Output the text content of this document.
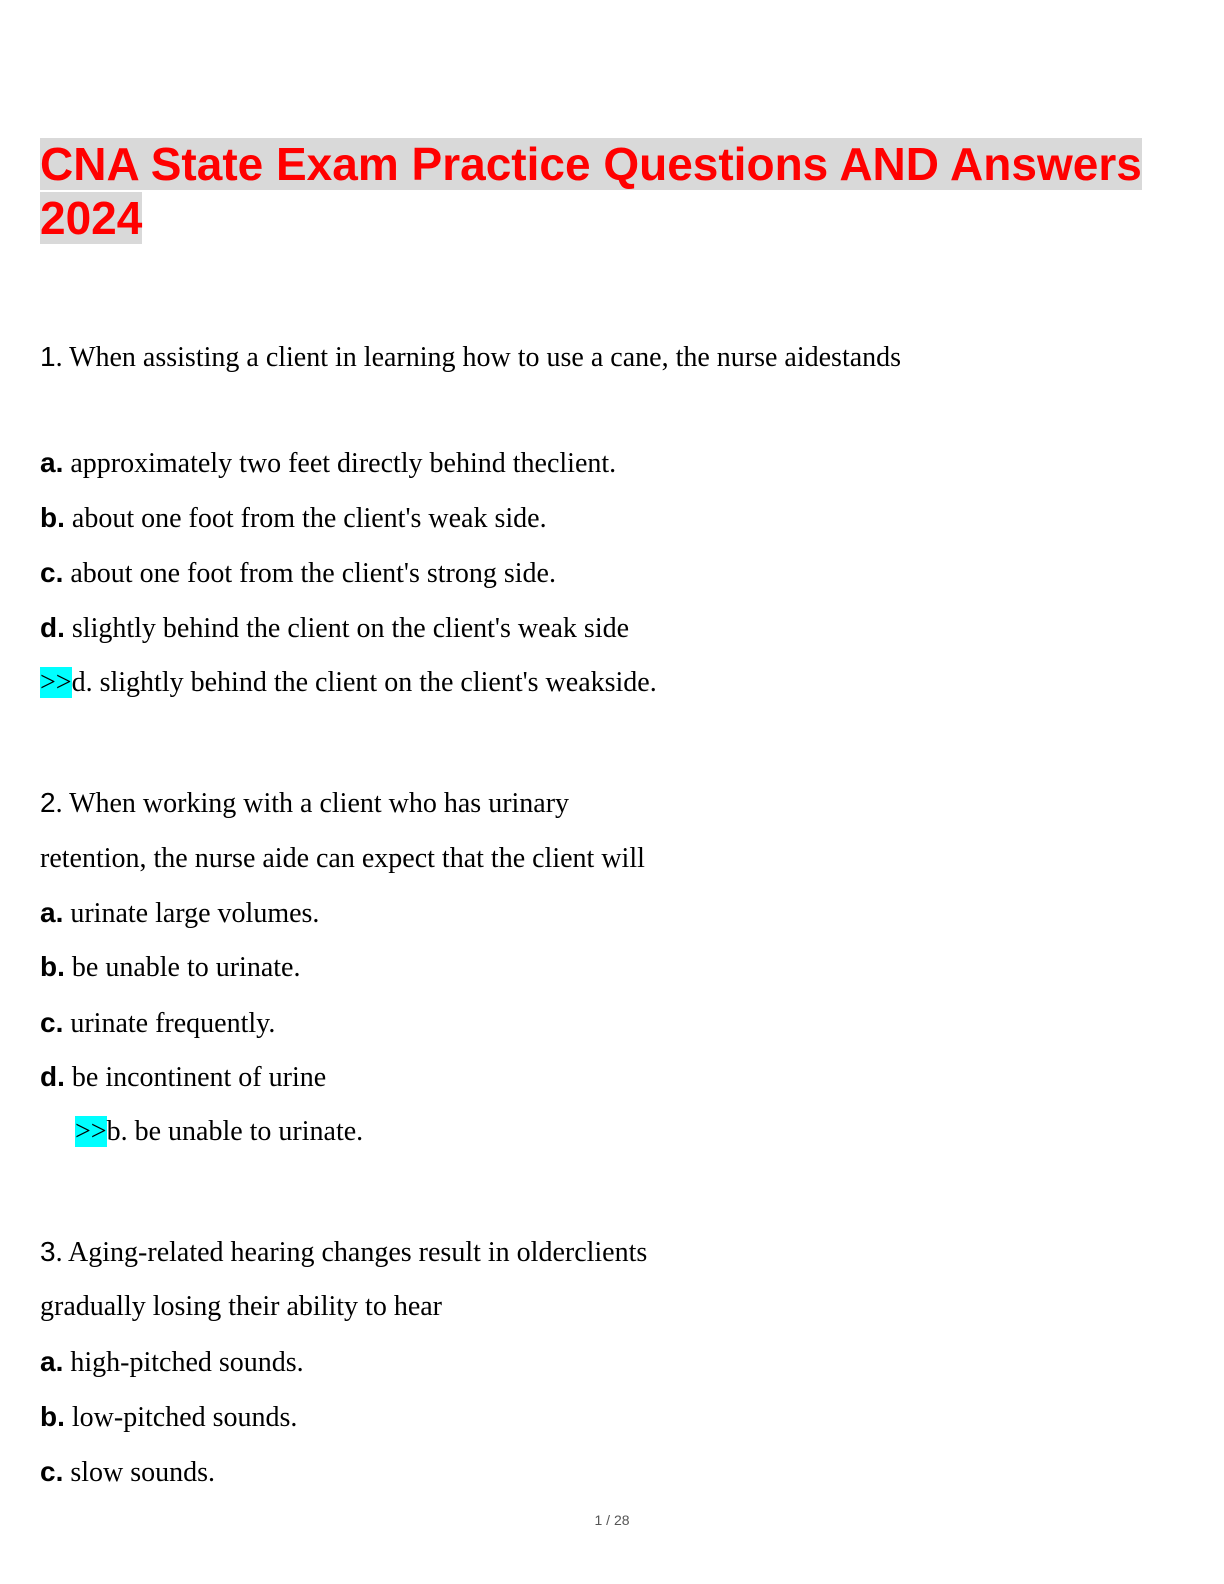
CNA State Exam Practice Questions AND Answers 2024
1. When assisting a client in learning how to use a cane, the nurse aidestands
a. approximately two feet directly behind theclient.
b. about one foot from the client's weak side.
c. about one foot from the client's strong side.
d. slightly behind the client on the client's weak side
>>d. slightly behind the client on the client's weakside.
2. When working with a client who has urinary
retention, the nurse aide can expect that the client will
a. urinate large volumes.
b. be unable to urinate.
c. urinate frequently.
d. be incontinent of urine
>>b. be unable to urinate.
3. Aging-related hearing changes result in olderclients
gradually losing their ability to hear
a. high-pitched sounds.
b. low-pitched sounds.
c. slow sounds.
1 / 28
